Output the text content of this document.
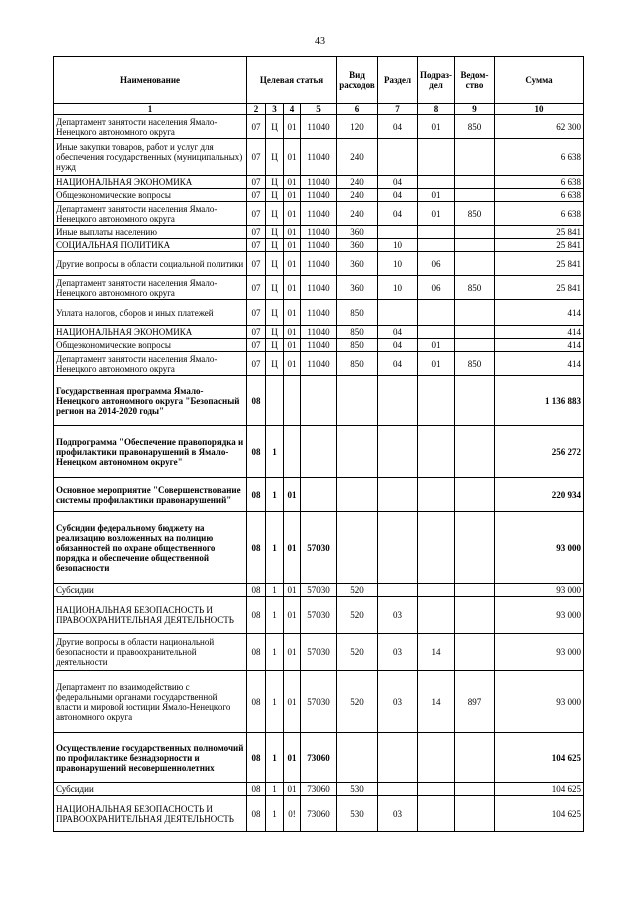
43
Наименование	Целевая статья				Вид расходов	Раздел	Подраз-дел	Ведом-ство	Сумма
1	2	3	4	5	6	7	8	9	10
Департамент занятости населения Ямало-Ненецкого автономного округа	07	Ц	01	11040	120	04	01	850	62 300
Иные закупки товаров, работ и услуг для обеспечения государственных (муниципальных) нужд	07	Ц	01	11040	240				6 638
НАЦИОНАЛЬНАЯ ЭКОНОМИКА	07	Ц	01	11040	240	04			6 638
Общеэкономические вопросы	07	Ц	01	11040	240	04	01		6 638
Департамент занятости населения Ямало-Ненецкого автономного округа	07	Ц	01	11040	240	04	01	850	6 638
Иные выплаты населению	07	Ц	01	11040	360				25 841
СОЦИАЛЬНАЯ ПОЛИТИКА	07	Ц	01	11040	360	10			25 841
Другие вопросы в области социальной политики	07	Ц	01	11040	360	10	06		25 841
Департамент занятости населения Ямало-Ненецкого автономного округа	07	Ц	01	11040	360	10	06	850	25 841
Уплата налогов, сборов и иных платежей	07	Ц	01	11040	850				414
НАЦИОНАЛЬНАЯ ЭКОНОМИКА	07	Ц	01	11040	850	04			414
Общеэкономические вопросы	07	Ц	01	11040	850	04	01		414
Департамент занятости населения Ямало-Ненецкого автономного округа	07	Ц	01	11040	850	04	01	850	414
Государственная программа Ямало-Ненецкого автономного округа "Безопасный регион на 2014-2020 годы"	08								1 136 883
Подпрограмма "Обеспечение правопорядка и профилактики правонарушений в Ямало-Ненецком автономном округе"	08	1							256 272
Основное мероприятие "Совершенствование системы профилактики правонарушений"	08	1	01						220 934
Субсидии федеральному бюджету на реализацию возложенных на полицию обязанностей по охране общественного порядка и обеспечение общественной безопасности	08	1	01	57030					93 000
Субсидии	08	1	01	57030	520				93 000
НАЦИОНАЛЬНАЯ БЕЗОПАСНОСТЬ И ПРАВООХРАНИТЕЛЬНАЯ ДЕЯТЕЛЬНОСТЬ	08	1	01	57030	520	03			93 000
Другие вопросы в области национальной безопасности и правоохранительной деятельности	08	1	01	57030	520	03	14		93 000
Департамент по взаимодействию с федеральными органами государственной власти и мировой юстиции Ямало-Ненецкого автономного округа	08	1	01	57030	520	03	14	897	93 000
Осуществление государственных полномочий по профилактике безнадзорности и правонарушений несовершеннолетних	08	1	01	73060					104 625
Субсидии	08	1	01	73060	530				104 625
НАЦИОНАЛЬНАЯ БЕЗОПАСНОСТЬ И ПРАВООХРАНИТЕЛЬНАЯ ДЕЯТЕЛЬНОСТЬ	08	1	0!	73060	530	03			104 625
